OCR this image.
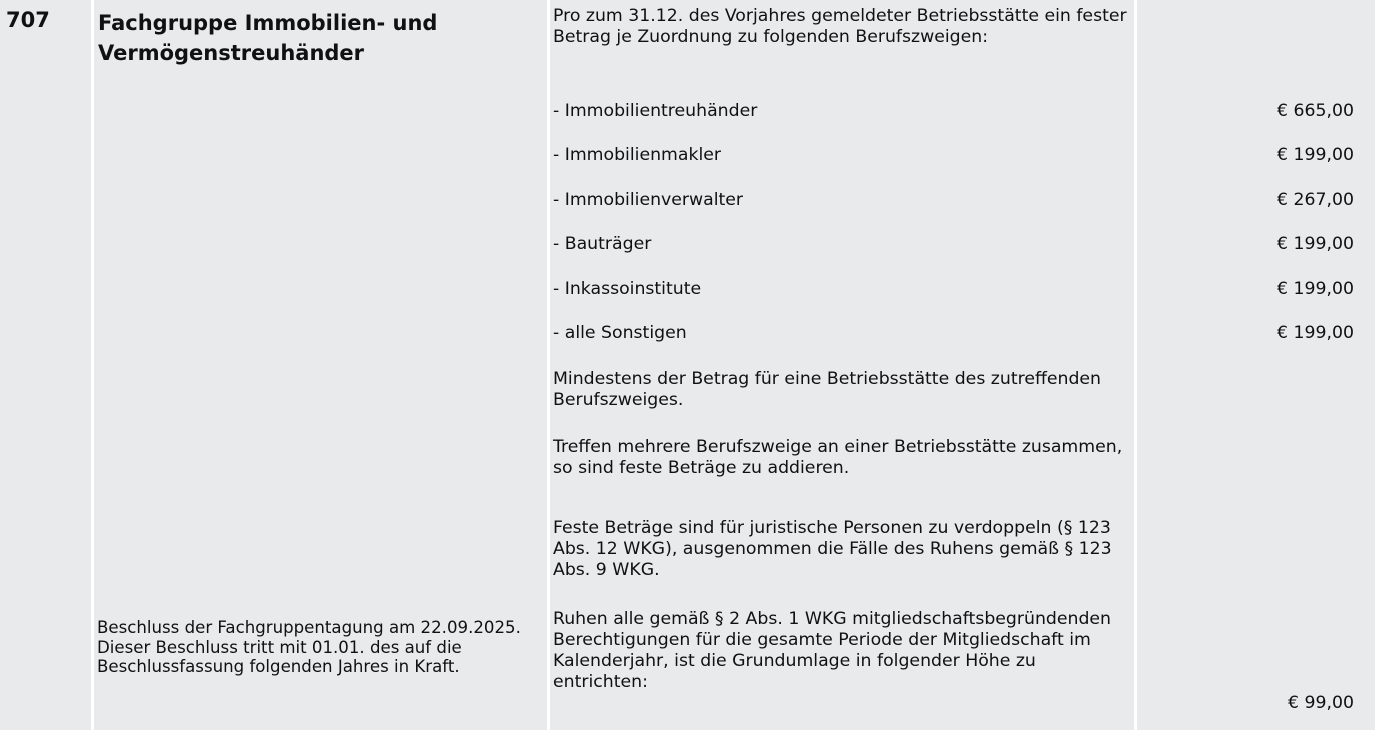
707 Fachgruppe Immobilien- und Vermögenstreuhänder
Beschluss der Fachgruppentagung am 22.09.2025. Dieser Beschluss tritt mit 01.01. des auf die Beschlussfassung folgenden Jahres in Kraft.
Pro zum 31.12. des Vorjahres gemeldeter Betriebsstätte ein fester Betrag je Zuordnung zu folgenden Berufszweigen:
- Immobilientreuhänder	€ 665,00
- Immobilienmakler	€ 199,00
- Immobilienverwalter	€ 267,00
- Bauträger	€ 199,00
- Inkassoinstitute	€ 199,00
- alle Sonstigen	€ 199,00
Mindestens der Betrag für eine Betriebsstätte des zutreffenden Berufszweiges.
Treffen mehrere Berufszweige an einer Betriebsstätte zusammen, so sind feste Beträge zu addieren.
Feste Beträge sind für juristische Personen zu verdoppeln (§ 123 Abs. 12 WKG), ausgenommen die Fälle des Ruhens gemäß § 123 Abs. 9 WKG.
Ruhen alle gemäß § 2 Abs. 1 WKG mitgliedschaftsbegründenden Berechtigungen für die gesamte Periode der Mitgliedschaft im Kalenderjahr, ist die Grundumlage in folgender Höhe zu entrichten:
€ 99,00
